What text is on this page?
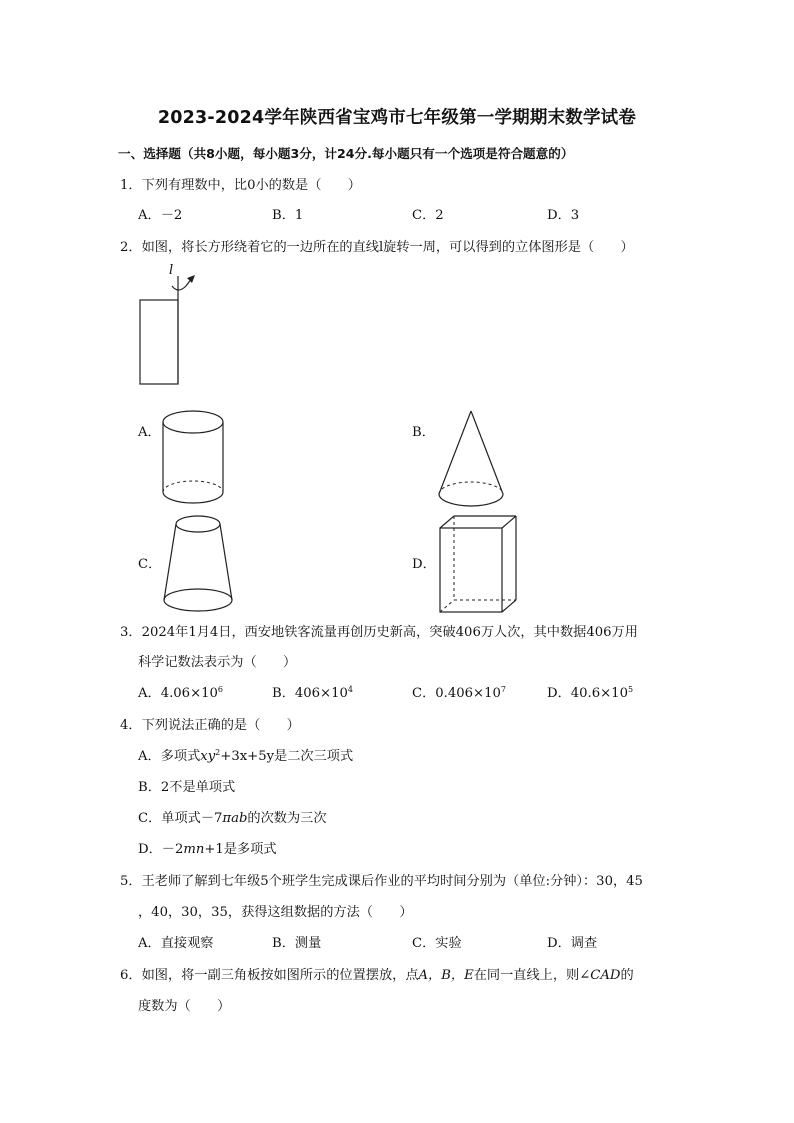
2023-2024学年陕西省宝鸡市七年级第一学期期末数学试卷
一、选择题（共8小题，每小题3分，计24分.每小题只有一个选项是符合题意的）
1．下列有理数中，比0小的数是（　　）
A．－2	B．1	C．2	D．3
2．如图，将长方形绕着它的一边所在的直线l旋转一周，可以得到的立体图形是（　　）
l
A．	B．
C．	D．
3．2024年1月4日，西安地铁客流量再创历史新高，突破406万人次，其中数据406万用
科学记数法表示为（　　）
A．$4.06\times 10^6$	B．$406\times 10^4$	C．$0.406\times 10^7$	D．$40.6\times 10^5$
4．下列说法正确的是（　　）
A．多项式$xy^2+3x+5y$是二次三项式
B．2不是单项式
C．单项式－7πab的次数为三次
D．－2mn+1是多项式
5．王老师了解到七年级5个班学生完成课后作业的平均时间分别为（单位:分钟）：30，45
，40，30，35，获得这组数据的方法（　　）
A．直接观察	B．测量	C．实验	D．调查
6．如图，将一副三角板按如图所示的位置摆放，点A，B，E在同一直线上，则∠CAD的
度数为（　　）
